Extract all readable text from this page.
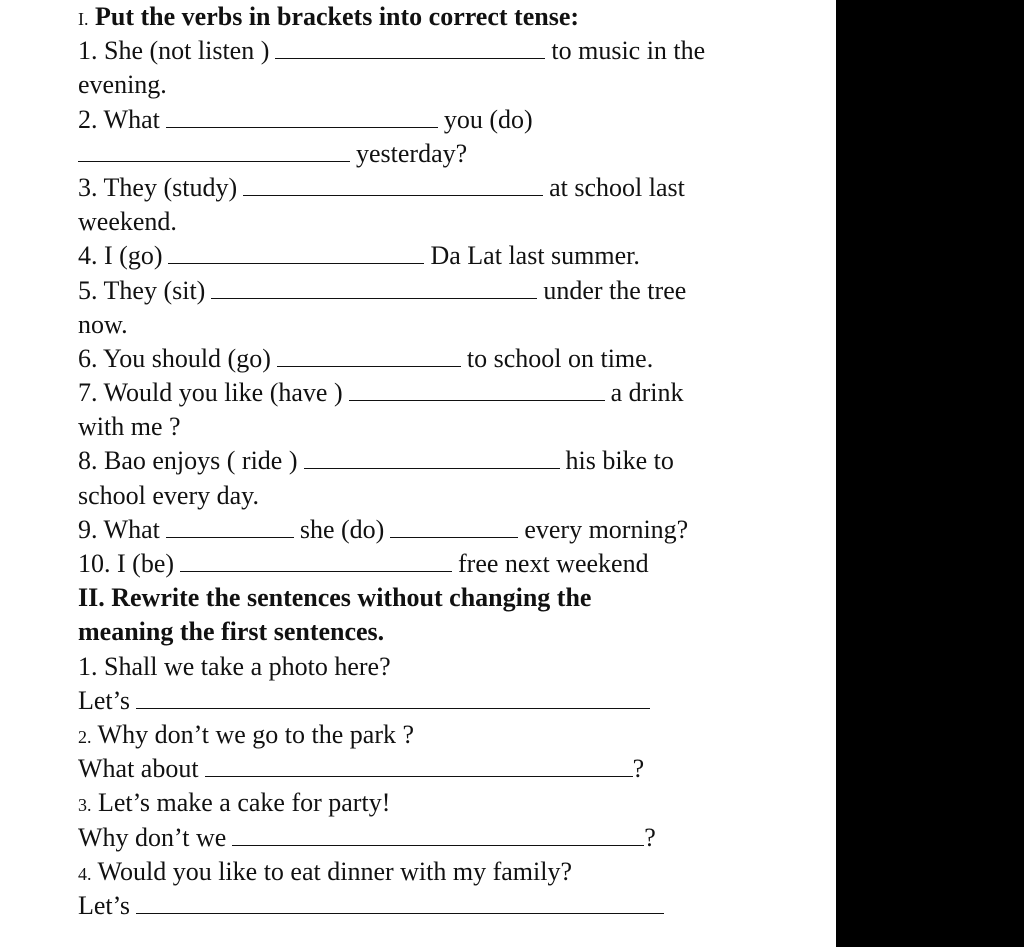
I. Put the verbs in brackets into correct tense:
1. She (not listen )	to music in the
evening.
2. What	you (do)
yesterday?
3. They (study)	at school last
weekend.
4. I (go)	Da Lat last summer.
5. They (sit)	under the tree
now.
6. You should (go)	to school on time.
7. Would you like (have )	a drink
with me ?
8. Bao enjoys ( ride )	his bike to
school every day.
9. What	she (do)	every morning?
10. I (be)	free next weekend
II. Rewrite the sentences without changing the
meaning the first sentences.
1. Shall we take a photo here?
Let’s
2. Why don’t we go to the park ?
What about	?
3. Let’s make a cake for party!
Why don’t we	?
4. Would you like to eat dinner with my family?
Let’s
